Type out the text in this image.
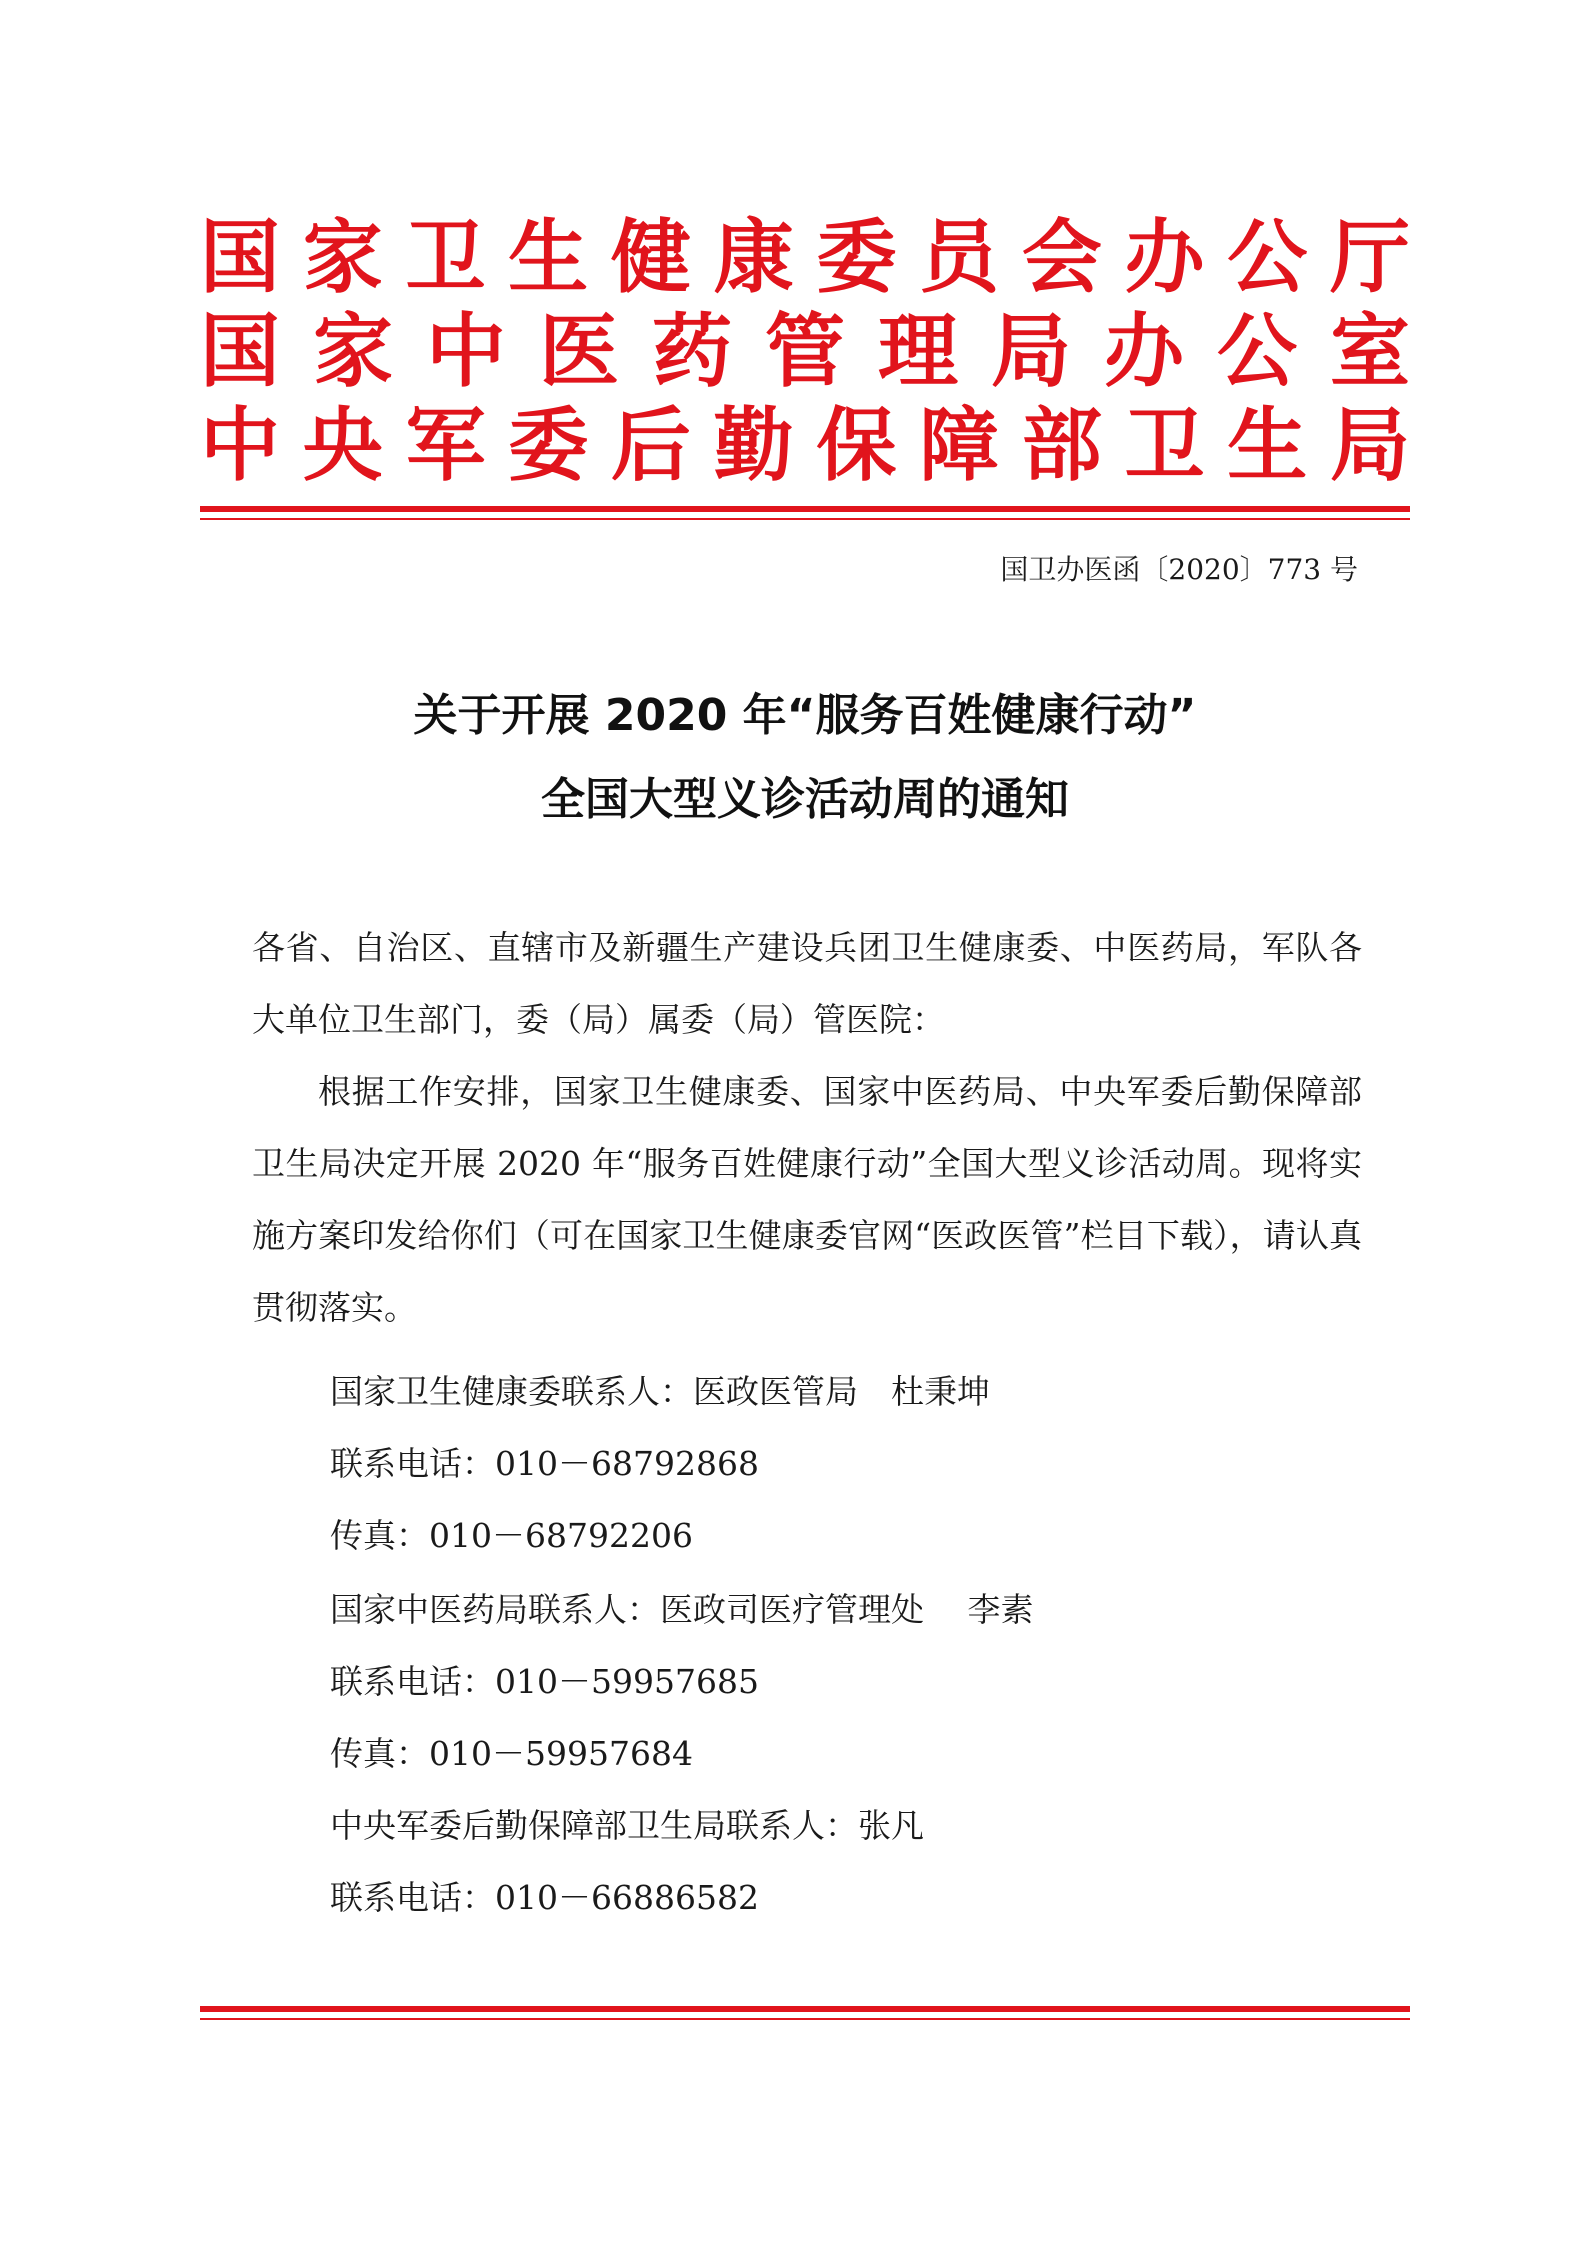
国家卫生健康委员会办公厅
国家中医药管理局办公室
中央军委后勤保障部卫生局
国卫办医函〔2020〕773 号
关于开展 2020 年“服务百姓健康行动”
全国大型义诊活动周的通知
各省、自治区、直辖市及新疆生产建设兵团卫生健康委、中医药局，军队各大单位卫生部门，委（局）属委（局）管医院：
根据工作安排，国家卫生健康委、国家中医药局、中央军委后勤保障部卫生局决定开展 2020 年“服务百姓健康行动”全国大型义诊活动周。现将实施方案印发给你们（可在国家卫生健康委官网“医政医管”栏目下载），请认真贯彻落实。
国家卫生健康委联系人：医政医管局　杜秉坤
联系电话：010－68792868
传真：010－68792206
国家中医药局联系人：医政司医疗管理处　 李素
联系电话：010－59957685
传真：010－59957684
中央军委后勤保障部卫生局联系人：张凡
联系电话：010－66886582
